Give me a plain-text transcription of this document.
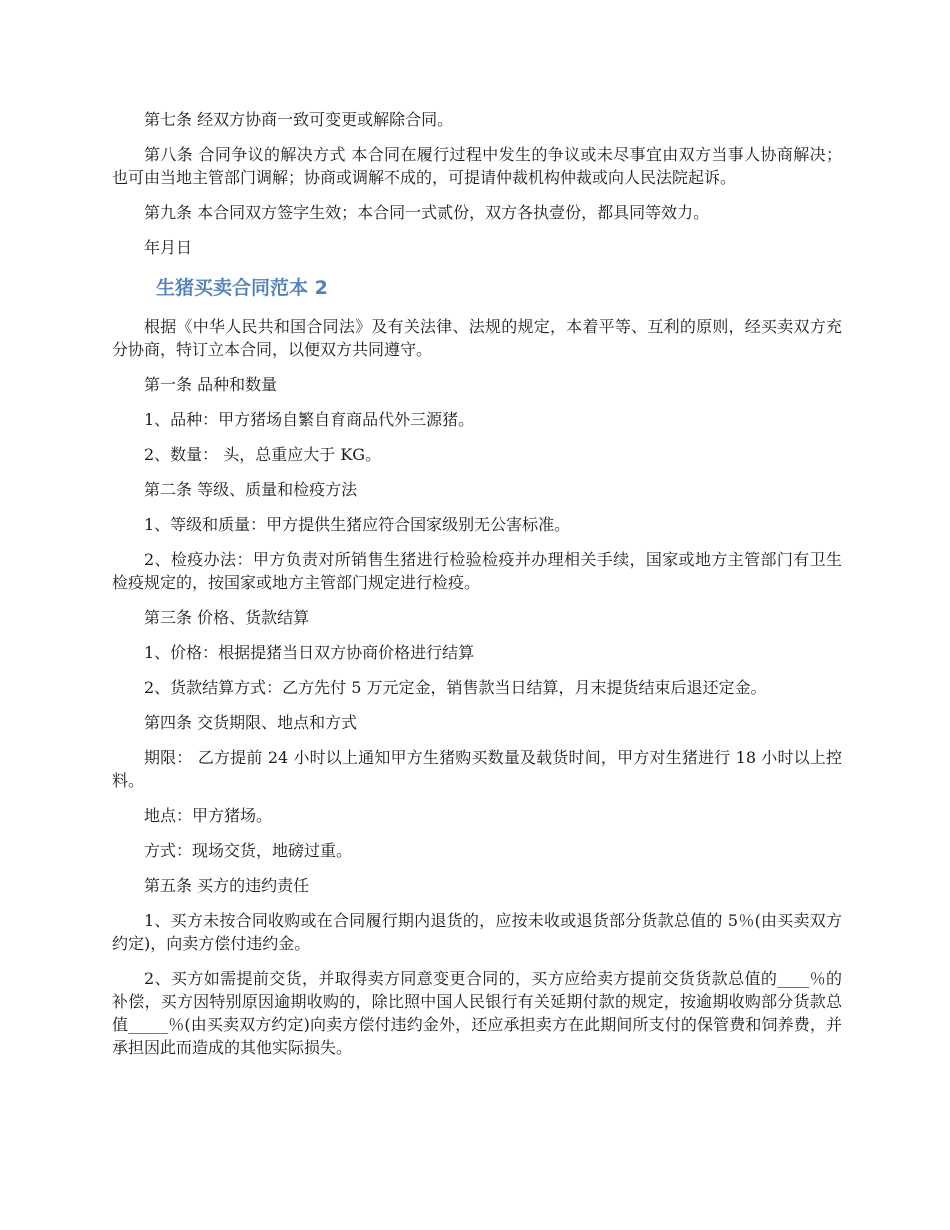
第七条 经双方协商一致可变更或解除合同。

第八条 合同争议的解决方式 本合同在履行过程中发生的争议或未尽事宜由双方当事人协商解决；也可由当地主管部门调解；协商或调解不成的，可提请仲裁机构仲裁或向人民法院起诉。

第九条 本合同双方签字生效；本合同一式贰份，双方各执壹份，都具同等效力。

年月日

生猪买卖合同范本 2

根据《中华人民共和国合同法》及有关法律、法规的规定，本着平等、互利的原则，经买卖双方充分协商，特订立本合同，以便双方共同遵守。

第一条 品种和数量

1、品种：甲方猪场自繁自育商品代外三源猪。

2、数量： 头，总重应大于 KG。

第二条 等级、质量和检疫方法

1、等级和质量：甲方提供生猪应符合国家级别无公害标准。

2、检疫办法：甲方负责对所销售生猪进行检验检疫并办理相关手续，国家或地方主管部门有卫生检疫规定的，按国家或地方主管部门规定进行检疫。

第三条 价格、货款结算

1、价格：根据提猪当日双方协商价格进行结算

2、货款结算方式：乙方先付 5 万元定金，销售款当日结算，月末提货结束后退还定金。

第四条 交货期限、地点和方式

期限： 乙方提前 24 小时以上通知甲方生猪购买数量及载货时间，甲方对生猪进行 18 小时以上控料。

地点：甲方猪场。

方式：现场交货，地磅过重。

第五条 买方的违约责任

1、买方未按合同收购或在合同履行期内退货的，应按未收或退货部分货款总值的 5％(由买卖双方约定)，向卖方偿付违约金。

2、买方如需提前交货，并取得卖方同意变更合同的，买方应给卖方提前交货货款总值的____％的补偿，买方因特别原因逾期收购的，除比照中国人民银行有关延期付款的规定，按逾期收购部分货款总值_____％(由买卖双方约定)向卖方偿付违约金外，还应承担卖方在此期间所支付的保管费和饲养费，并承担因此而造成的其他实际损失。
